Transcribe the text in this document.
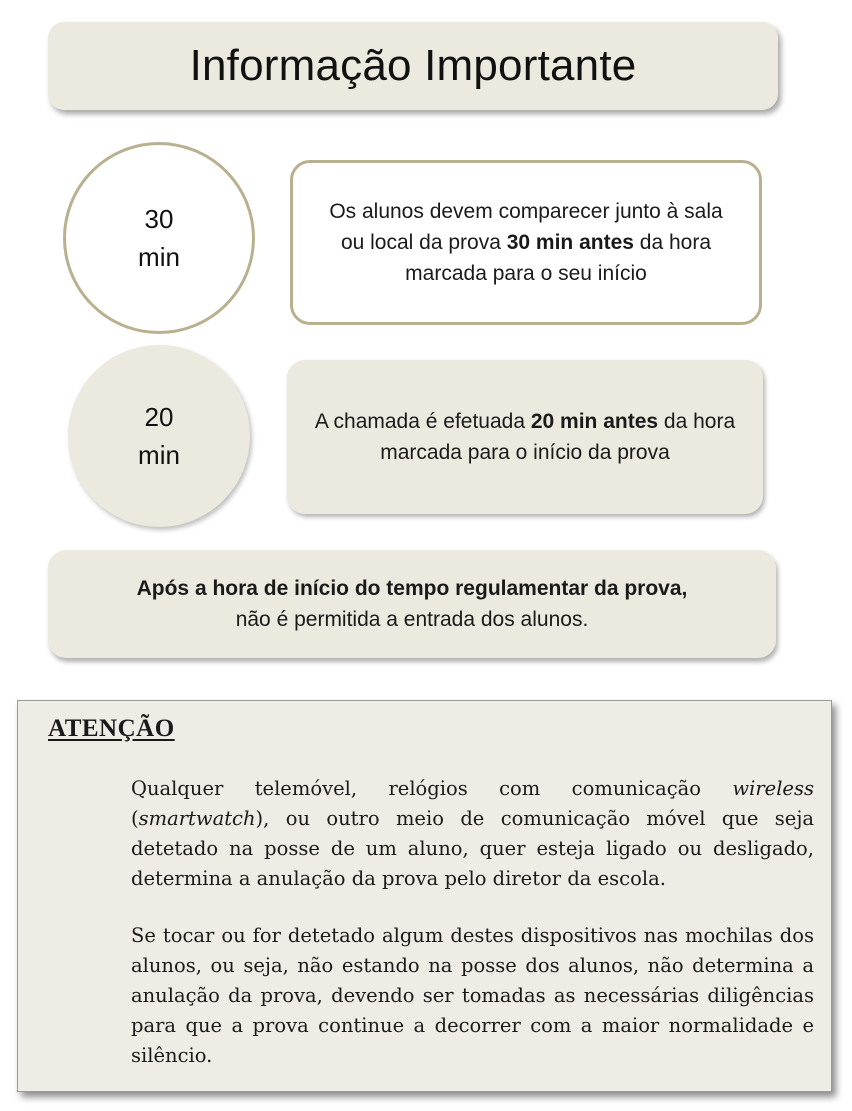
Informação Importante
30
min

Os alunos devem comparecer junto à sala ou local da prova 30 min antes da hora marcada para o seu início

20
min

A chamada é efetuada 20 min antes da hora marcada para o início da prova

Após a hora de início do tempo regulamentar da prova,
não é permitida a entrada dos alunos.

ATENÇÃO

Qualquer telemóvel, relógios com comunicação wireless (smartwatch), ou outro meio de comunicação móvel que seja detetado na posse de um aluno, quer esteja ligado ou desligado, determina a anulação da prova pelo diretor da escola.

Se tocar ou for detetado algum destes dispositivos nas mochilas dos alunos, ou seja, não estando na posse dos alunos, não determina a anulação da prova, devendo ser tomadas as necessárias diligências para que a prova continue a decorrer com a maior normalidade e silêncio.
